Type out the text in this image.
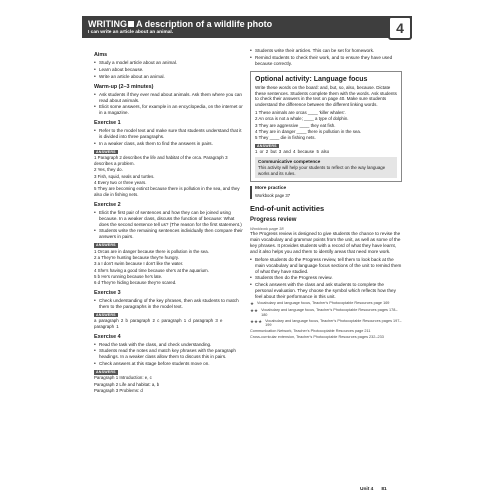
WRITING A description of a wildlife photo
I can write an article about an animal.	4
Aims
• Study a model article about an animal.
• Learn about because.
• Write an article about an animal.
Warm-up (2–3 minutes)
• Ask students if they ever read about animals. Ask them where you can read about animals.
• Elicit some answers, for example in an encyclopedia, on the internet or in a magazine.
Exercise 1
• Refer to the model text and make sure that students understand that it is divided into three paragraphs.
• In a weaker class, ask them to find the answers in pairs.
ANSWERS
1 Paragraph 2 describes the life and habitat of the orca. Paragraph 3 describes a problem.
2 Yes, they do.
3 Fish, squid, seals and turtles.
4 Every two or three years.
5 They are becoming extinct because there is pollution in the sea, and they also die in fishing nets.
Exercise 2
• Elicit the first pair of sentences and how they can be joined using because. In a weaker class, discuss the function of because: What does the second sentence tell us? (The reason for the first statement.)
• Students write the remaining sentences individually then compare their answers in pairs.
ANSWERS
1 Orcas are in danger because there is pollution in the sea.
2 a They're hunting because they're hungry.
3 a I don't swim because I don't like the water.
4 She's having a good time because she's at the aquarium.
5 b He's running because he's late.
6 d They're hiding because they're scared.
Exercise 3
• Check understanding of the key phrases, then ask students to match them to the paragraphs in the model text.
ANSWERS
a paragraph 2 b paragraph 2 c paragraph 1 d paragraph 3 e paragraph 1
Exercise 4
• Read the task with the class, and check understanding.
• Students read the notes and match key phrases with the paragraph headings. In a weaker class allow them to discuss this in pairs.
• Check answers at this stage before students move on.
ANSWERS
Paragraph 1 Introduction: e, c
Paragraph 2 Life and habitat: a, b
Paragraph 3 Problems: d
• Students write their articles. This can be set for homework.
• Remind students to check their work, and to ensure they have used because correctly.
Optional activity: Language focus
Write these words on the board: and, but, so, also, because. Dictate these sentences. Students complete them with the words. Ask students to check their answers in the text on page 40. Make sure students understand the difference between the different linking words.
1 These animals are orcas ____ 'killer whales'.
2 An orca is not a whale; ____ a type of dolphin.
3 They are aggressive ____ they eat fish.
4 They are in danger ____ there is pollution in the sea.
5 They ____ die in fishing nets.
ANSWERS
1 or 2 but 3 and 4 because 5 also
Communicative competence

This activity will help your students to reflect on the way language works and its rules.

More practice
Workbook page 37
End-of-unit activities
Progress review
Workbook page 38
The Progress review is designed to give students the chance to revise the main vocabulary and grammar points from the unit, as well as some of the key phrases. It provides students with a record of what they have learnt, and it also helps you and them to identify areas that need more work.
• Before students do the Progress review, tell them to look back at the main vocabulary and language focus sections of the unit to remind them of what they have studied.
• Students then do the Progress review.
• Check answers with the class and ask students to complete the personal evaluation. They choose the symbol which reflects how they feel about their performance in this unit.
★ Vocabulary and language focus, Teacher's Photocopiable Resources page 169
★★ Vocabulary and language focus, Teacher's Photocopiable Resources pages 178–180
★★★ Vocabulary and language focus, Teacher's Photocopiable Resources pages 197–199
Communication Network, Teacher's Photocopiable Resources page 211
Cross-curricular extension, Teacher's Photocopiable Resources pages 232–233
Unit 4 81
